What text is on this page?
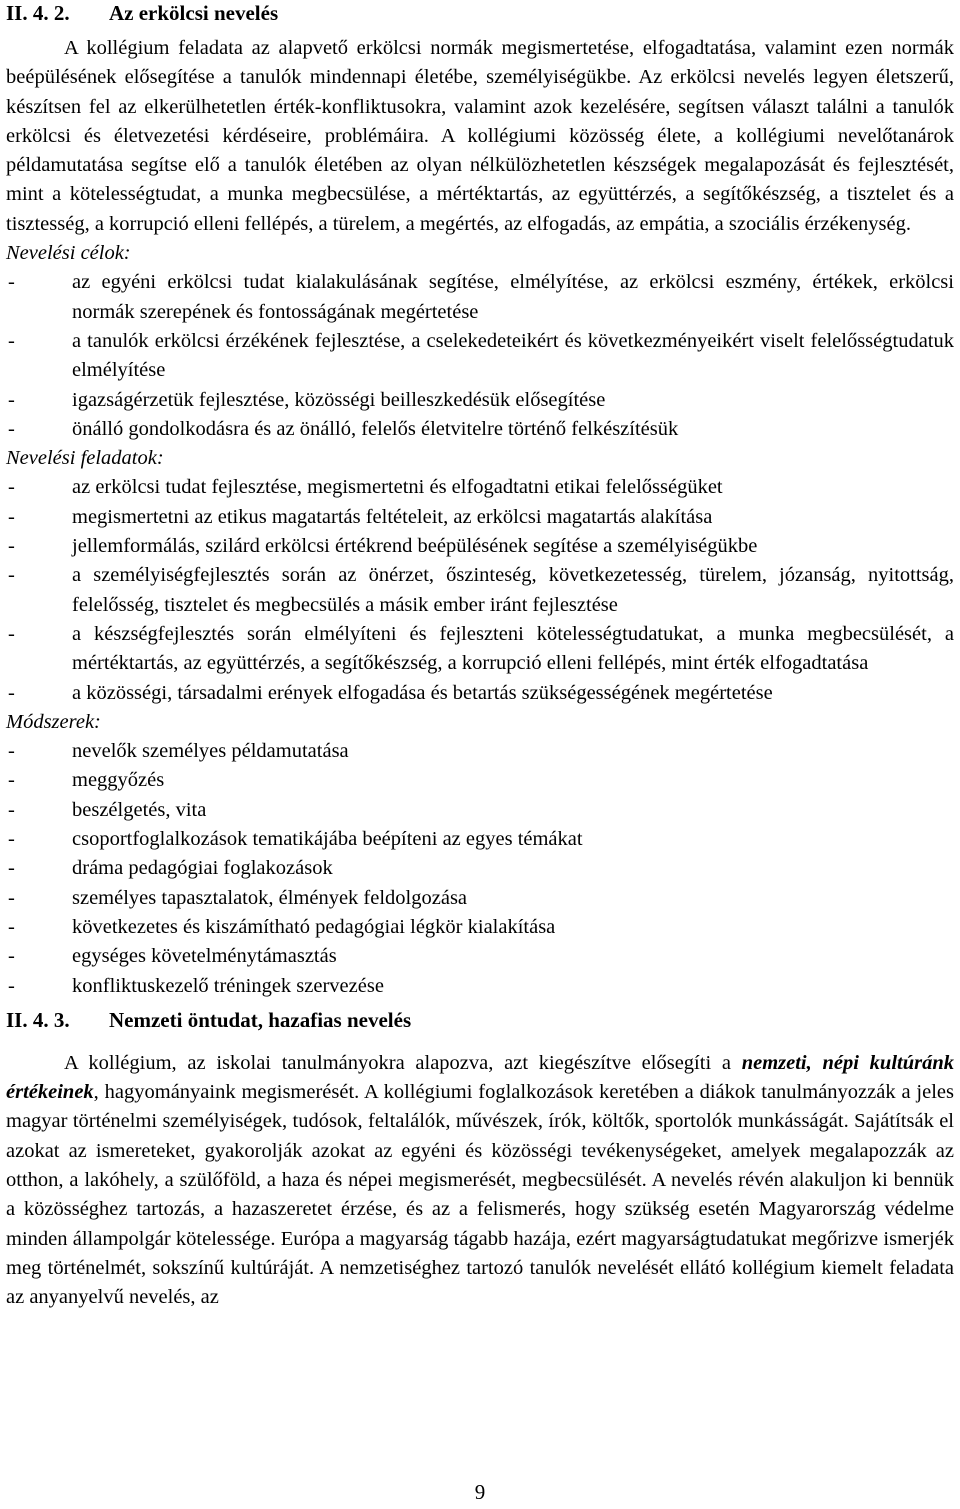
II. 4. 2. Az erkölcsi nevelés

A kollégium feladata az alapvető erkölcsi normák megismertetése, elfogadtatása, valamint ezen normák beépülésének elősegítése a tanulók mindennapi életébe, személyiségükbe. Az erkölcsi nevelés legyen életszerű, készítsen fel az elkerülhetetlen érték-konfliktusokra, valamint azok kezelésére, segítsen választ találni a tanulók erkölcsi és életvezetési kérdéseire, problémáira. A kollégiumi közösség élete, a kollégiumi nevelőtanárok példamutatása segítse elő a tanulók életében az olyan nélkülözhetetlen készségek megalapozását és fejlesztését, mint a kötelességtudat, a munka megbecsülése, a mértéktartás, az együttérzés, a segítőkészség, a tisztelet és a tisztesség, a korrupció elleni fellépés, a türelem, a megértés, az elfogadás, az empátia, a szociális érzékenység.

Nevelési célok:
- az egyéni erkölcsi tudat kialakulásának segítése, elmélyítése, az erkölcsi eszmény, értékek, erkölcsi normák szerepének és fontosságának megértetése
- a tanulók erkölcsi érzékének fejlesztése, a cselekedeteikért és következményeikért viselt felelősségtudatuk elmélyítése
- igazságérzetük fejlesztése, közösségi beilleszkedésük elősegítése
- önálló gondolkodásra és az önálló, felelős életvitelre történő felkészítésük
Nevelési feladatok:
- az erkölcsi tudat fejlesztése, megismertetni és elfogadtatni etikai felelősségüket
- megismertetni az etikus magatartás feltételeit, az erkölcsi magatartás alakítása
- jellemformálás, szilárd erkölcsi értékrend beépülésének segítése a személyiségükbe
- a személyiségfejlesztés során az önérzet, őszinteség, következetesség, türelem, józanság, nyitottság, felelősség, tisztelet és megbecsülés a másik ember iránt fejlesztése
- a készségfejlesztés során elmélyíteni és fejleszteni kötelességtudatukat, a munka megbecsülését, a mértéktartás, az együttérzés, a segítőkészség, a korrupció elleni fellépés, mint érték elfogadtatása
- a közösségi, társadalmi erények elfogadása és betartás szükségességének megértetése
Módszerek:
- nevelők személyes példamutatása
- meggyőzés
- beszélgetés, vita
- csoportfoglalkozások tematikájába beépíteni az egyes témákat
- dráma pedagógiai foglakozások
- személyes tapasztalatok, élmények feldolgozása
- következetes és kiszámítható pedagógiai légkör kialakítása
- egységes követelménytámasztás
- konfliktuskezelő tréningek szervezése
II. 4. 3. Nemzeti öntudat, hazafias nevelés

A kollégium, az iskolai tanulmányokra alapozva, azt kiegészítve elősegíti a nemzeti, népi kultúránk értékeinek, hagyományaink megismerését. A kollégiumi foglalkozások keretében a diákok tanulmányozzák a jeles magyar történelmi személyiségek, tudósok, feltalálók, művészek, írók, költők, sportolók munkásságát. Sajátítsák el azokat az ismereteket, gyakorolják azokat az egyéni és közösségi tevékenységeket, amelyek megalapozzák az otthon, a lakóhely, a szülőföld, a haza és népei megismerését, megbecsülését. A nevelés révén alakuljon ki bennük a közösséghez tartozás, a hazaszeretet érzése, és az a felismerés, hogy szükség esetén Magyarország védelme minden állampolgár kötelessége. Európa a magyarság tágabb hazája, ezért magyarságtudatukat megőrizve ismerjék meg történelmét, sokszínű kultúráját. A nemzetiséghez tartozó tanulók nevelését ellátó kollégium kiemelt feladata az anyanyelvű nevelés, az

9
